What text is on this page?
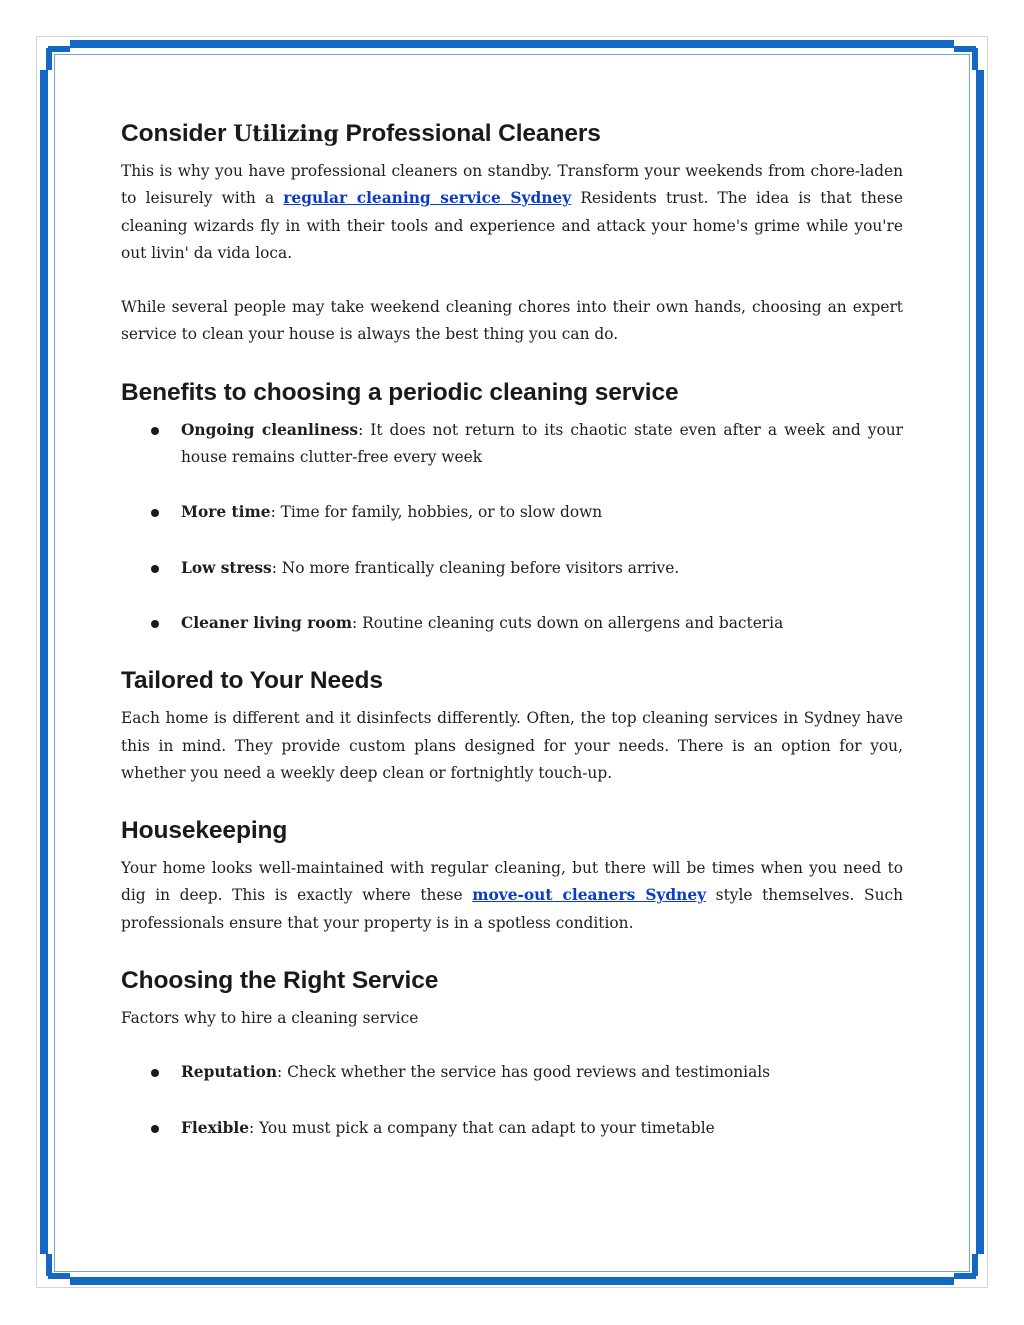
Consider Utilizing Professional Cleaners

This is why you have professional cleaners on standby. Transform your weekends from chore-laden to leisurely with a regular cleaning service Sydney Residents trust. The idea is that these cleaning wizards fly in with their tools and experience and attack your home's grime while you're out livin' da vida loca.

While several people may take weekend cleaning chores into their own hands, choosing an expert service to clean your house is always the best thing you can do.

Benefits to choosing a periodic cleaning service
Ongoing cleanliness: It does not return to its chaotic state even after a week and your house remains clutter-free every week
More time: Time for family, hobbies, or to slow down
Low stress: No more frantically cleaning before visitors arrive.
Cleaner living room: Routine cleaning cuts down on allergens and bacteria
Tailored to Your Needs

Each home is different and it disinfects differently. Often, the top cleaning services in Sydney have this in mind. They provide custom plans designed for your needs. There is an option for you, whether you need a weekly deep clean or fortnightly touch-up.

Housekeeping

Your home looks well-maintained with regular cleaning, but there will be times when you need to dig in deep. This is exactly where these move-out cleaners Sydney style themselves. Such professionals ensure that your property is in a spotless condition.

Choosing the Right Service

Factors why to hire a cleaning service

Reputation: Check whether the service has good reviews and testimonials
Flexible: You must pick a company that can adapt to your timetable
